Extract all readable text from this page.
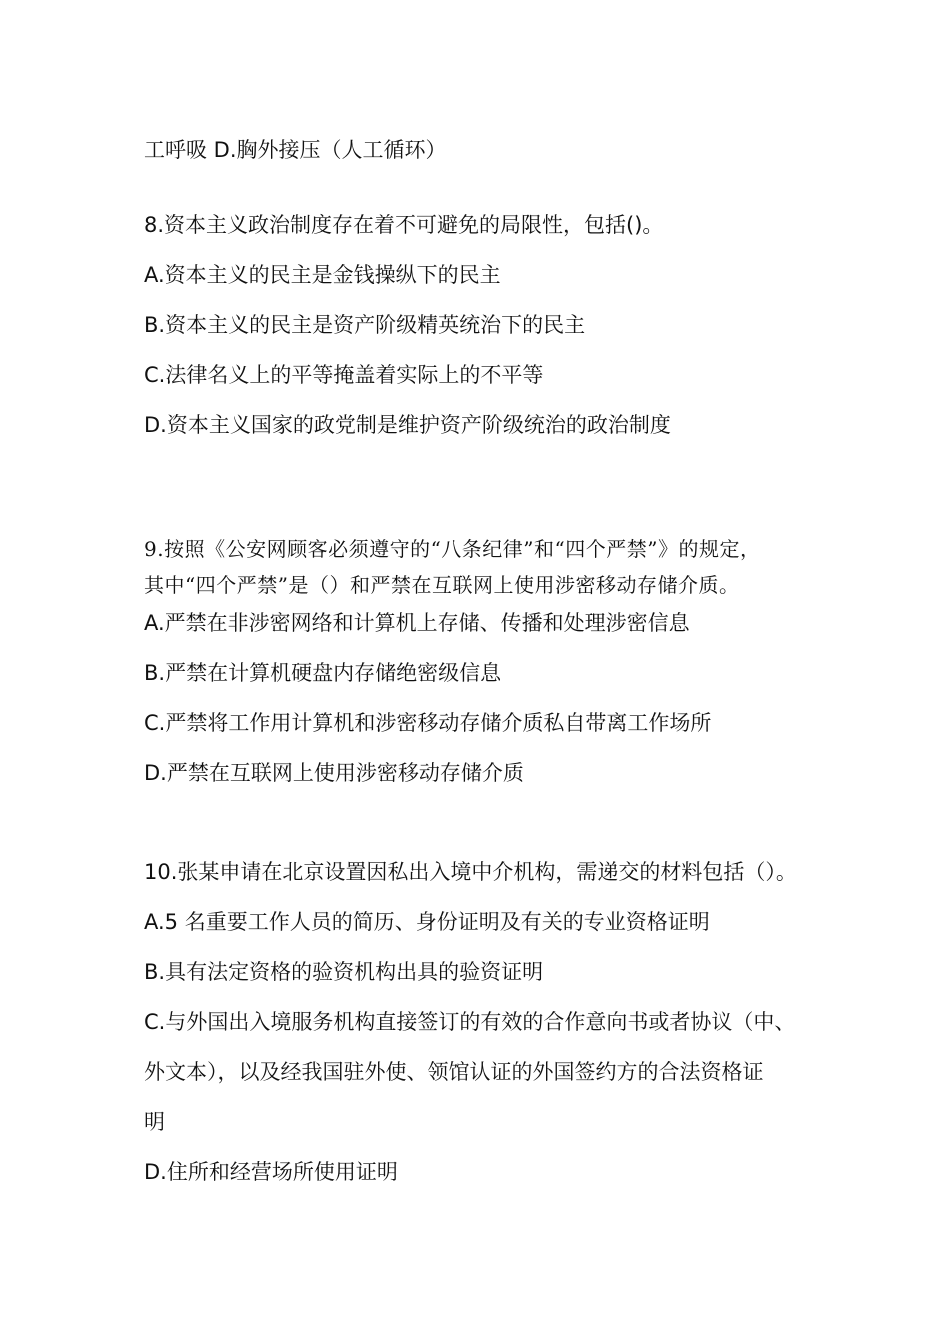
工呼吸 D.胸外接压（人工循环）

8.资本主义政治制度存在着不可避免的局限性，包括()。

A.资本主义的民主是金钱操纵下的民主

B.资本主义的民主是资产阶级精英统治下的民主

C.法律名义上的平等掩盖着实际上的不平等

D.资本主义国家的政党制是维护资产阶级统治的政治制度

9.按照《公安网顾客必须遵守的“八条纪律”和“四个严禁”》的规定，

其中“四个严禁”是（）和严禁在互联网上使用涉密移动存储介质。

A.严禁在非涉密网络和计算机上存储、传播和处理涉密信息

B.严禁在计算机硬盘内存储绝密级信息

C.严禁将工作用计算机和涉密移动存储介质私自带离工作场所

D.严禁在互联网上使用涉密移动存储介质

10.张某申请在北京设置因私出入境中介机构，需递交的材料包括（）。

A.5 名重要工作人员的简历、身份证明及有关的专业资格证明

B.具有法定资格的验资机构出具的验资证明

C.与外国出入境服务机构直接签订的有效的合作意向书或者协议（中、

外文本），以及经我国驻外使、领馆认证的外国签约方的合法资格证

明

D.住所和经营场所使用证明
